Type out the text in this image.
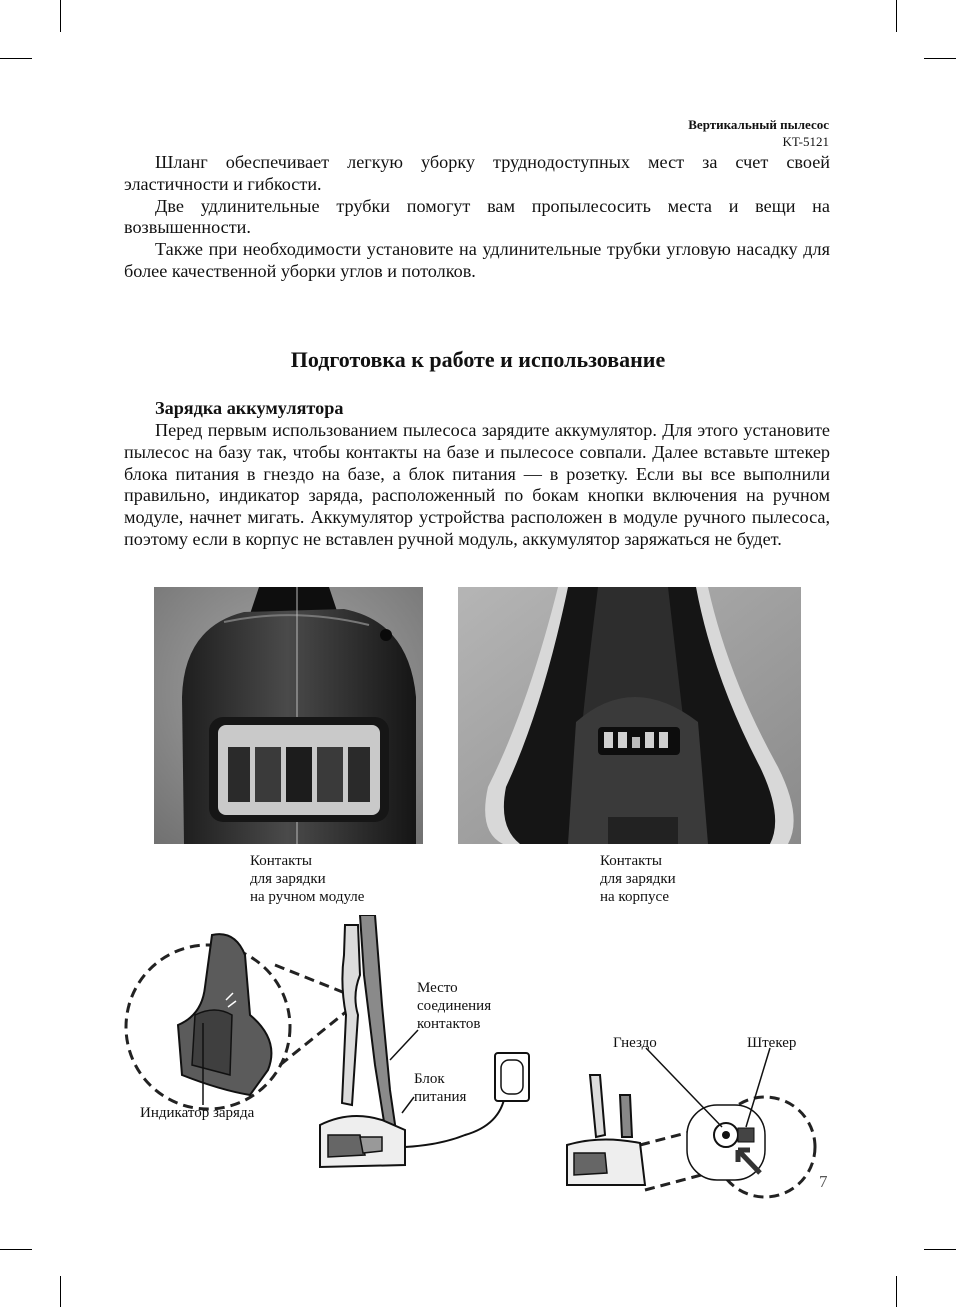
Вертикальный пылесос
KT-5121

Шланг обеспечивает легкую уборку труднодоступных мест за счет своей эластичности и гибкости.

Две удлинительные трубки помогут вам пропылесосить места и вещи на возвышенности.

Также при необходимости установите на удлинительные трубки угловую насадку для более качественной уборки углов и потолков.

Подготовка к работе и использование
Зарядка аккумулятора

Перед первым использованием пылесоса зарядите аккумулятор. Для этого установите пылесос на базу так, чтобы контакты на базе и пылесосе совпали. Далее вставьте штекер блока питания в гнездо на базе, а блок питания — в розетку. Если вы все выполнили правильно, индикатор заряда, расположенный по бокам кнопки включения на ручном модуле, начнет мигать. Аккумулятор устройства расположен в модуле ручного пылесоса, поэтому если в корпус не вставлен ручной модуль, аккумулятор заряжаться не будет.

Контакты
для зарядки
на ручном модуле
Контакты
для зарядки
на корпусе
Индикатор заряда
Место
соединения
контактов
Блок
питания
Гнездо	Штекер
7
